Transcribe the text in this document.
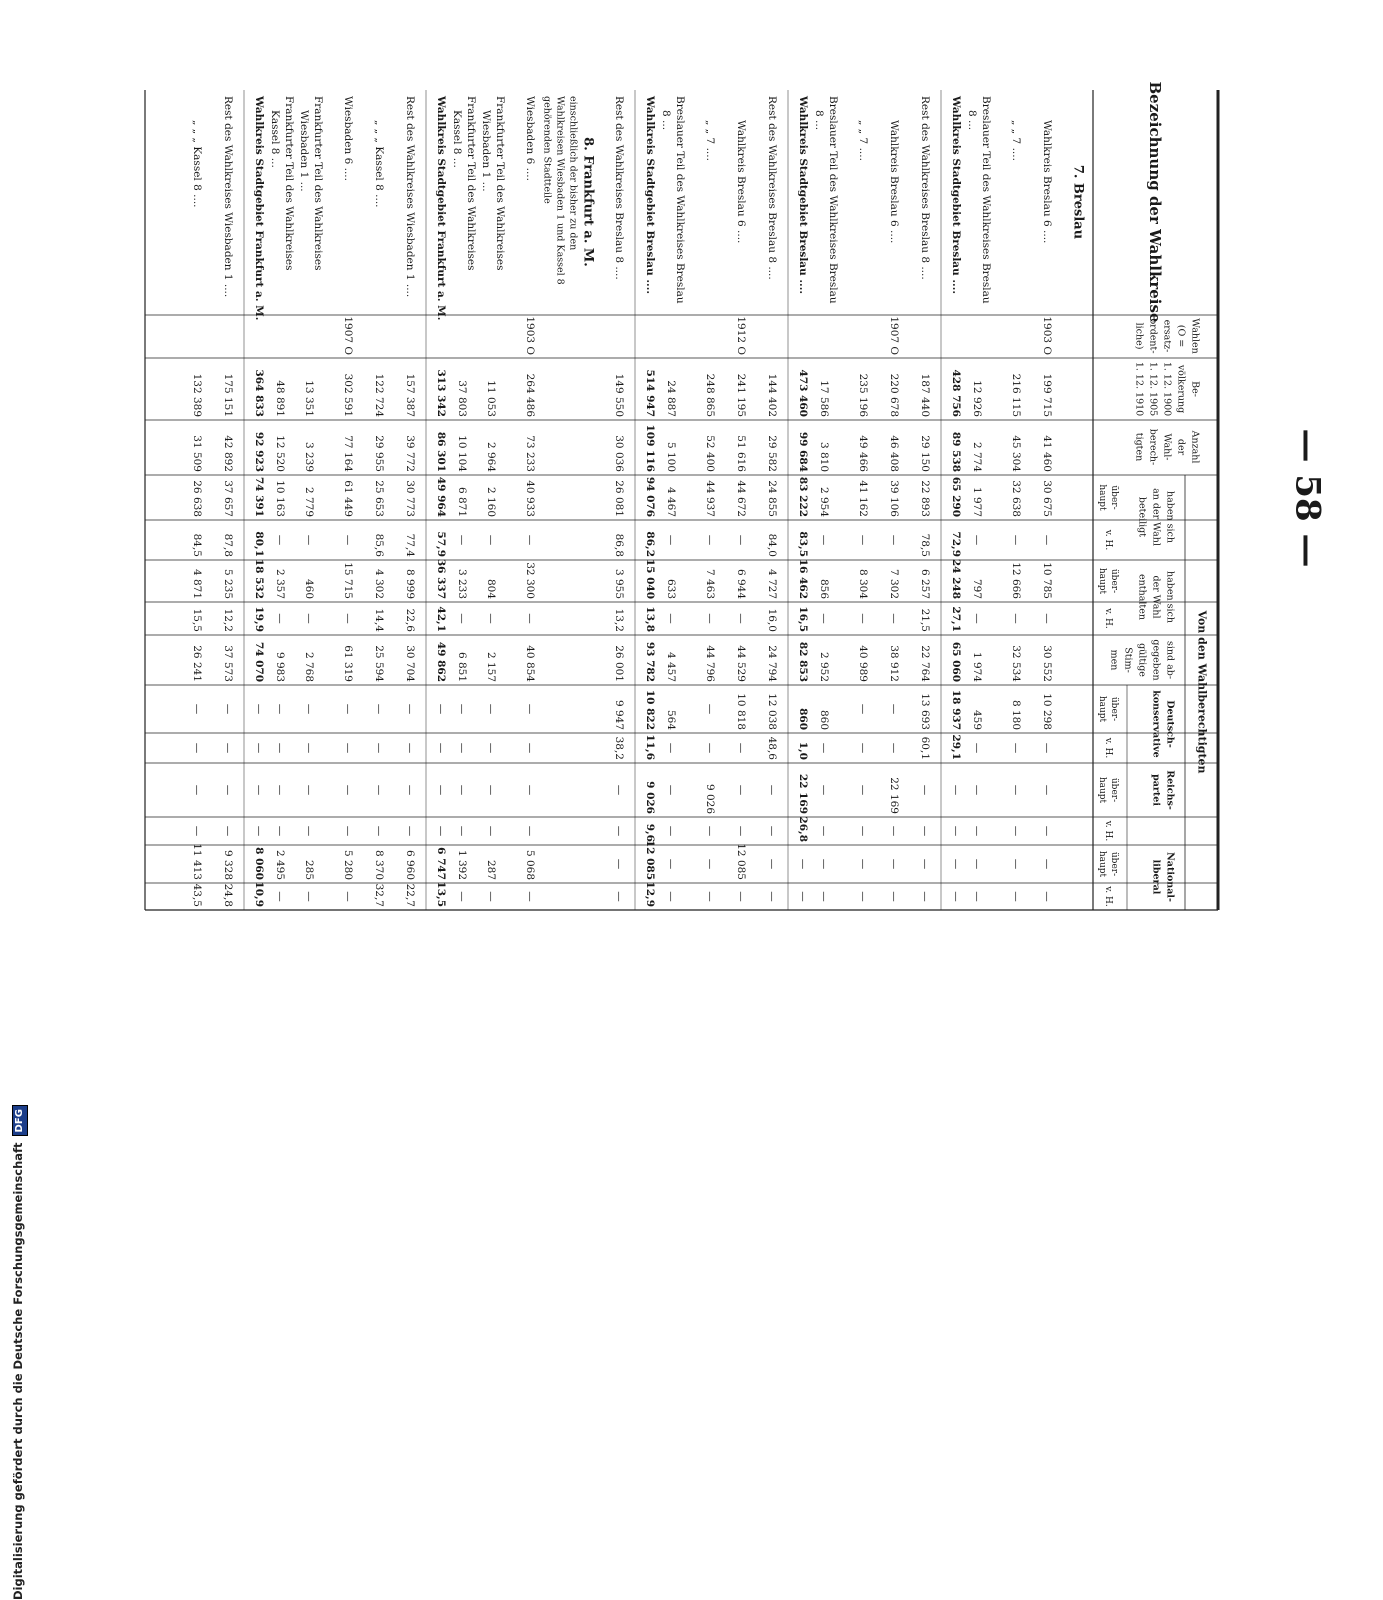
— 58 —
Bezeichnung der Wahlkreise
Wahlen
(O =
ersatz-
ordent-
liche)
Be-
völkerung
1. 12. 1900
1. 12. 1905
1. 12. 1910
Anzahl
der
Wahl-
berech-
tigten
Von den Wahlberechtigten
haben sich
an der Wahl
beteiligt
haben sich
der Wahl
enthalten
sind ab-
gegeben
gültige
Stim-
men
Deutsch-
konservative
Reichs-
partei
National-
liberal
über-
haupt
v. H.
über-
haupt
v. H.
über-
haupt
v. H.
über-
haupt
v. H.
über-
haupt
v. H.
7. Breslau
Wahlkreis Breslau 6 ....
1903 O
199 715
41 460
30 675
—
10 785
—
30 552
10 298
—
—
—
—
—
„ „ 7 ....
216 115
45 304
32 638
—
12 666
—
32 534
8 180
—
—
—
—
—
Breslauer Teil des Wahlkreises Breslau
8 ...
12 926
2 774
1 977
—
797
—
1 974
459
—
—
—
—
—
Wahlkreis Stadtgebiet Breslau ....
428 756
89 538
65 290
72,9
24 248
27,1
65 060
18 937
29,1
—
—
—
—
Rest des Wahlkreises Breslau 8 ....
187 440
29 150
22 893
78,5
6 257
21,5
22 764
13 693
60,1
—
—
—
—
Wahlkreis Breslau 6 ....
1907 O
220 678
46 408
39 106
—
7 302
—
38 912
—
—
22 169
—
—
—
„ „ 7 ....
235 196
49 466
41 162
—
8 304
—
40 989
—
—
—
—
—
—
Breslauer Teil des Wahlkreises Breslau
8 ...
17 586
3 810
2 954
—
856
—
2 952
860
—
—
—
—
—
Wahlkreis Stadtgebiet Breslau ....
473 460
99 684
83 222
83,5
16 462
16,5
82 853
860
1,0
22 169
26,8
—
—
Rest des Wahlkreises Breslau 8 ....
144 402
29 582
24 855
84,0
4 727
16,0
24 794
12 038
48,6
—
—
—
—
Wahlkreis Breslau 6 ....
1912 O
241 195
51 616
44 672
—
6 944
—
44 529
10 818
—
—
—
12 085
—
„ „ 7 ....
248 865
52 400
44 937
—
7 463
—
44 796
—
—
9 026
—
—
—
Breslauer Teil des Wahlkreises Breslau
8 ...
24 887
5 100
4 467
—
633
—
4 457
564
—
—
—
—
—
Wahlkreis Stadtgebiet Breslau ....
514 947
109 116
94 076
86,2
15 040
13,8
93 782
10 822
11,6
9 026
9,6
12 085
12,9
Rest des Wahlkreises Breslau 8 ....
149 550
30 036
26 081
86,8
3 955
13,2
26 001
9 947
38,2
—
—
—
—
8. Frankfurt a. M.
einschließlich der bisher zu den
Wahlkreisen Wiesbaden 1 und Kassel 8
gehörenden Stadtteile
Wiesbaden 6 ....
1903 O
264 486
73 233
40 933
—
32 300
—
40 854
—
—
—
—
5 068
—
Frankfurter Teil des Wahlkreises
Wiesbaden 1 ...
11 053
2 964
2 160
—
804
—
2 157
—
—
—
—
287
—
Frankfurter Teil des Wahlkreises
Kassel 8 ...
37 803
10 104
6 871
—
3 233
—
6 851
—
—
—
—
1 392
—
Wahlkreis Stadtgebiet Frankfurt a. M.
313 342
86 301
49 964
57,9
36 337
42,1
49 862
—
—
—
—
6 747
13,5
Rest des Wahlkreises Wiesbaden 1 ....
157 387
39 772
30 773
77,4
8 999
22,6
30 704
—
—
—
—
6 960
22,7
„ „ „ Kassel 8 ....
122 724
29 955
25 653
85,6
4 302
14,4
25 594
—
—
—
—
8 370
32,7
Wiesbaden 6 ....
1907 O
302 591
77 164
61 449
—
15 715
—
61 319
—
—
—
—
5 280
—
Frankfurter Teil des Wahlkreises
Wiesbaden 1 ...
13 351
3 239
2 779
—
460
—
2 768
—
—
—
—
285
—
Frankfurter Teil des Wahlkreises
Kassel 8 ...
48 891
12 520
10 163
—
2 357
—
9 983
—
—
—
—
2 495
—
Wahlkreis Stadtgebiet Frankfurt a. M.
364 833
92 923
74 391
80,1
18 532
19,9
74 070
—
—
—
—
8 060
10,9
Rest des Wahlkreises Wiesbaden 1 ....
175 151
42 892
37 657
87,8
5 235
12,2
37 573
—
—
—
—
9 328
24,8
„ „ „ Kassel 8 ....
132 389
31 509
26 638
84,5
4 871
15,5
26 241
—
—
—
—
11 413
43,5
Digitalisierung gefördert durch die Deutsche ForschungsgemeinschaftDFG
